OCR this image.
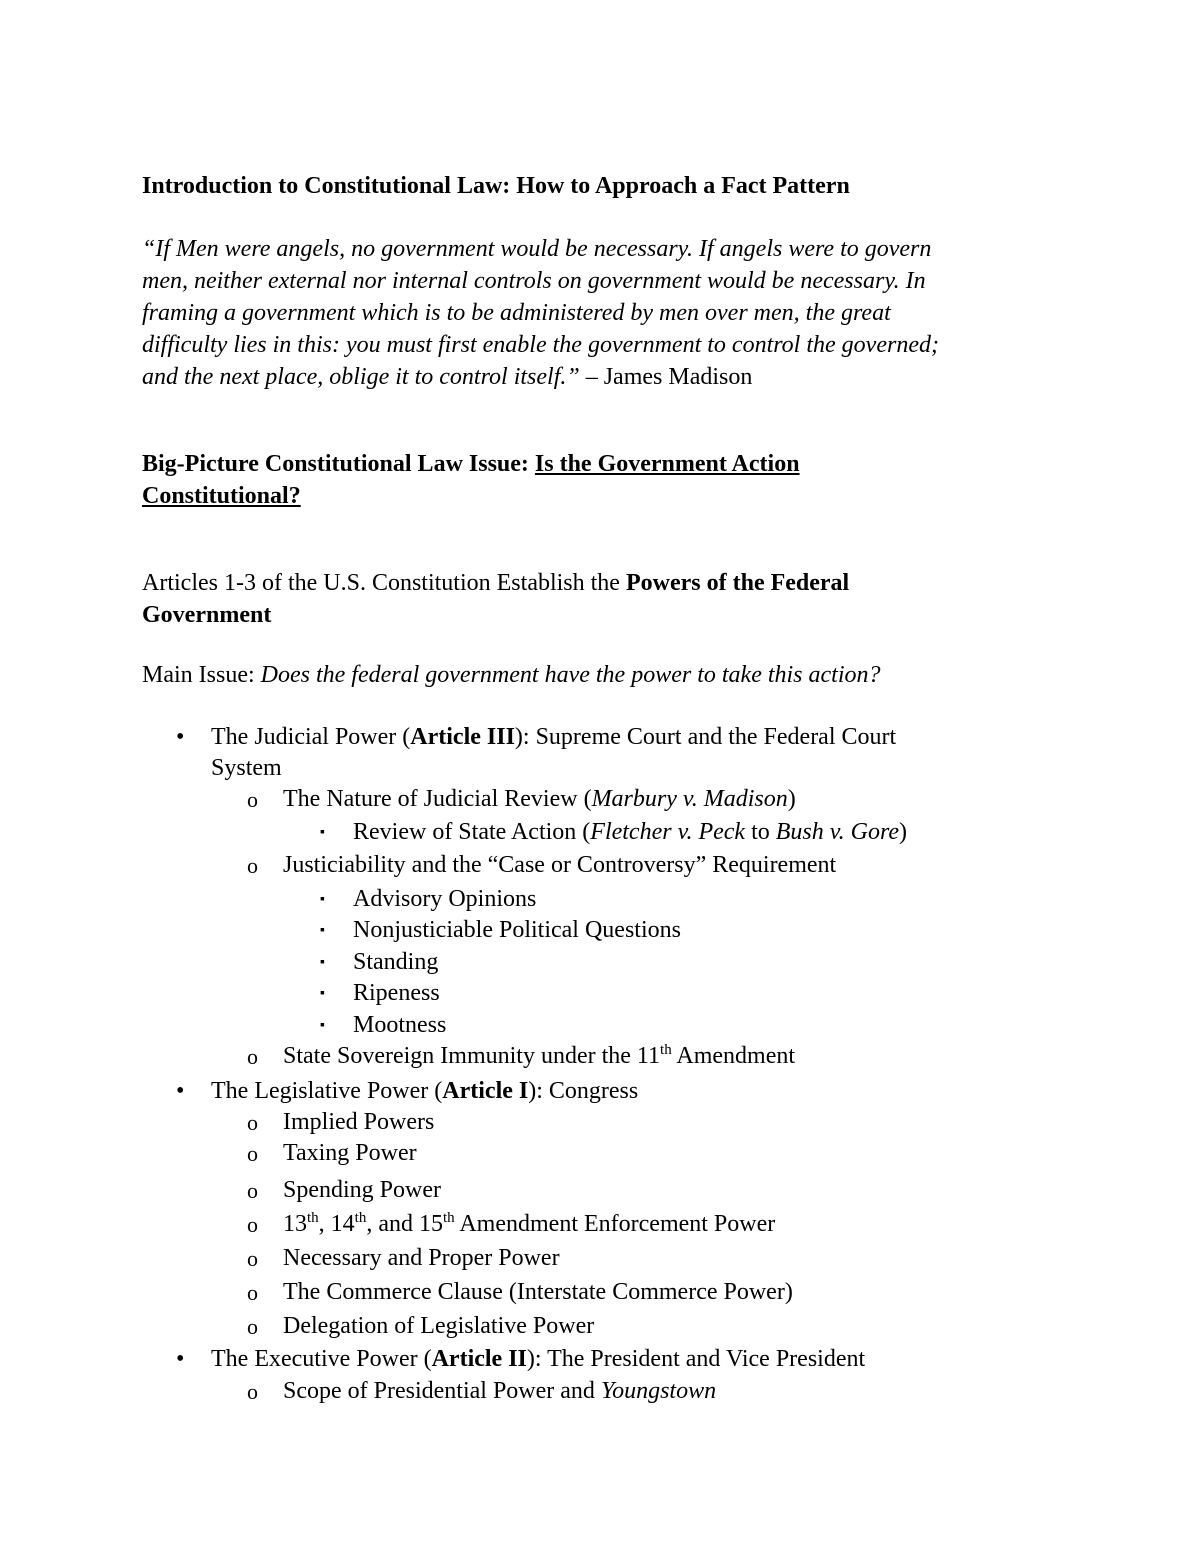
Introduction to Constitutional Law: How to Approach a Fact Pattern
“If Men were angels, no government would be necessary. If angels were to govern
men, neither external nor internal controls on government would be necessary. In
framing a government which is to be administered by men over men, the great
difficulty lies in this: you must first enable the government to control the governed;
and the next place, oblige it to control itself.” – James Madison
Big-Picture Constitutional Law Issue: Is the Government Action
Constitutional?
Articles 1-3 of the U.S. Constitution Establish the Powers of the Federal
Government
Main Issue: Does the federal government have the power to take this action?
• The Judicial Power (Article III): Supreme Court and the Federal Court
System
o The Nature of Judicial Review (Marbury v. Madison)
▪ Review of State Action (Fletcher v. Peck to Bush v. Gore)
o Justiciability and the “Case or Controversy” Requirement
▪ Advisory Opinions
▪ Nonjusticiable Political Questions
▪ Standing
▪ Ripeness
▪ Mootness
o State Sovereign Immunity under the 11th Amendment
• The Legislative Power (Article I): Congress
o Implied Powers
o Taxing Power
o Spending Power
o 13th, 14th, and 15th Amendment Enforcement Power
o Necessary and Proper Power
o The Commerce Clause (Interstate Commerce Power)
o Delegation of Legislative Power
• The Executive Power (Article II): The President and Vice President
o Scope of Presidential Power and Youngstown
